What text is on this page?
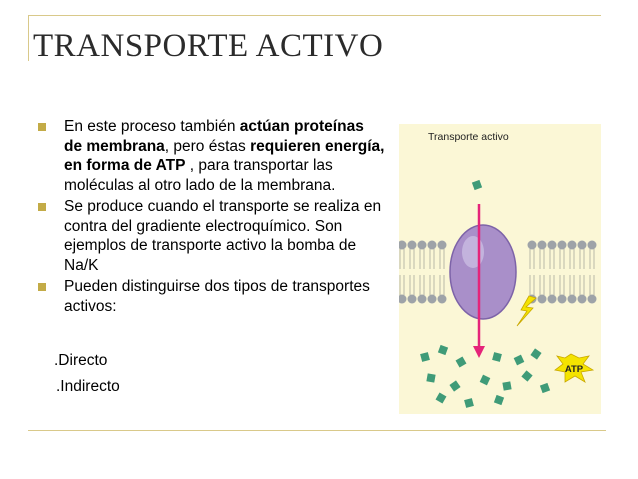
TRANSPORTE ACTIVO
En este proceso también actúan proteínas de membrana, pero éstas requieren energía, en forma de ATP , para transportar las moléculas al otro lado de la membrana.
Se produce cuando el transporte se realiza en contra del gradiente electroquímico. Son ejemplos de transporte activo la bomba de Na/K
Pueden distinguirse dos tipos de transportes activos:
.Directo
.Indirecto
Transporte activo
ATP
